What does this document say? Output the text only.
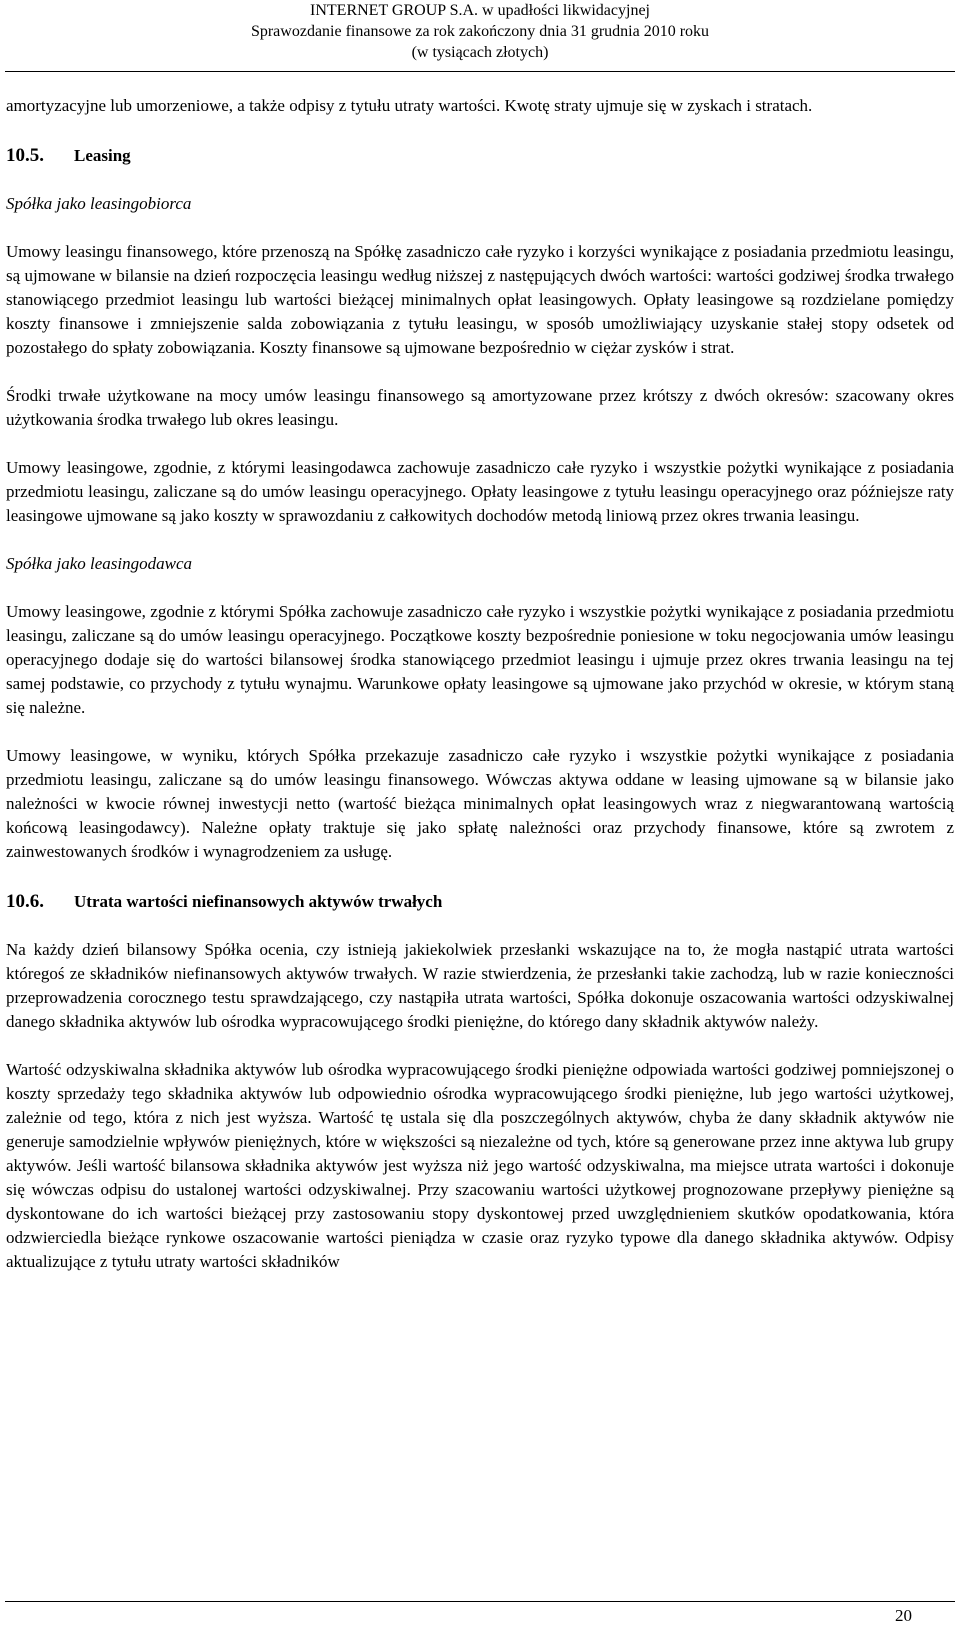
INTERNET GROUP S.A. w upadłości likwidacyjnej
Sprawozdanie finansowe za rok zakończony dnia 31 grudnia 2010 roku
(w tysiącach złotych)

amortyzacyjne lub umorzeniowe, a także odpisy z tytułu utraty wartości. Kwotę straty ujmuje się w zyskach i stratach.

10.5. Leasing
Spółka jako leasingobiorca

Umowy leasingu finansowego, które przenoszą na Spółkę zasadniczo całe ryzyko i korzyści wynikające z posiadania przedmiotu leasingu, są ujmowane w bilansie na dzień rozpoczęcia leasingu według niższej z następujących dwóch wartości: wartości godziwej środka trwałego stanowiącego przedmiot leasingu lub wartości bieżącej minimalnych opłat leasingowych. Opłaty leasingowe są rozdzielane pomiędzy koszty finansowe i zmniejszenie salda zobowiązania z tytułu leasingu, w sposób umożliwiający uzyskanie stałej stopy odsetek od pozostałego do spłaty zobowiązania. Koszty finansowe są ujmowane bezpośrednio w ciężar zysków i strat.

Środki trwałe użytkowane na mocy umów leasingu finansowego są amortyzowane przez krótszy z dwóch okresów: szacowany okres użytkowania środka trwałego lub okres leasingu.

Umowy leasingowe, zgodnie, z którymi leasingodawca zachowuje zasadniczo całe ryzyko i wszystkie pożytki wynikające z posiadania przedmiotu leasingu, zaliczane są do umów leasingu operacyjnego. Opłaty leasingowe z tytułu leasingu operacyjnego oraz późniejsze raty leasingowe ujmowane są jako koszty w sprawozdaniu z całkowitych dochodów metodą liniową przez okres trwania leasingu.

Spółka jako leasingodawca

Umowy leasingowe, zgodnie z którymi Spółka zachowuje zasadniczo całe ryzyko i wszystkie pożytki wynikające z posiadania przedmiotu leasingu, zaliczane są do umów leasingu operacyjnego. Początkowe koszty bezpośrednie poniesione w toku negocjowania umów leasingu operacyjnego dodaje się do wartości bilansowej środka stanowiącego przedmiot leasingu i ujmuje przez okres trwania leasingu na tej samej podstawie, co przychody z tytułu wynajmu. Warunkowe opłaty leasingowe są ujmowane jako przychód w okresie, w którym staną się należne.

Umowy leasingowe, w wyniku, których Spółka przekazuje zasadniczo całe ryzyko i wszystkie pożytki wynikające z posiadania przedmiotu leasingu, zaliczane są do umów leasingu finansowego. Wówczas aktywa oddane w leasing ujmowane są w bilansie jako należności w kwocie równej inwestycji netto (wartość bieżąca minimalnych opłat leasingowych wraz z niegwarantowaną wartością końcową leasingodawcy). Należne opłaty traktuje się jako spłatę należności oraz przychody finansowe, które są zwrotem z zainwestowanych środków i wynagrodzeniem za usługę.

10.6. Utrata wartości niefinansowych aktywów trwałych

Na każdy dzień bilansowy Spółka ocenia, czy istnieją jakiekolwiek przesłanki wskazujące na to, że mogła nastąpić utrata wartości któregoś ze składników niefinansowych aktywów trwałych. W razie stwierdzenia, że przesłanki takie zachodzą, lub w razie konieczności przeprowadzenia corocznego testu sprawdzającego, czy nastąpiła utrata wartości, Spółka dokonuje oszacowania wartości odzyskiwalnej danego składnika aktywów lub ośrodka wypracowującego środki pieniężne, do którego dany składnik aktywów należy.

Wartość odzyskiwalna składnika aktywów lub ośrodka wypracowującego środki pieniężne odpowiada wartości godziwej pomniejszonej o koszty sprzedaży tego składnika aktywów lub odpowiednio ośrodka wypracowującego środki pieniężne, lub jego wartości użytkowej, zależnie od tego, która z nich jest wyższa. Wartość tę ustala się dla poszczególnych aktywów, chyba że dany składnik aktywów nie generuje samodzielnie wpływów pieniężnych, które w większości są niezależne od tych, które są generowane przez inne aktywa lub grupy aktywów. Jeśli wartość bilansowa składnika aktywów jest wyższa niż jego wartość odzyskiwalna, ma miejsce utrata wartości i dokonuje się wówczas odpisu do ustalonej wartości odzyskiwalnej. Przy szacowaniu wartości użytkowej prognozowane przepływy pieniężne są dyskontowane do ich wartości bieżącej przy zastosowaniu stopy dyskontowej przed uwzględnieniem skutków opodatkowania, która odzwierciedla bieżące rynkowe oszacowanie wartości pieniądza w czasie oraz ryzyko typowe dla danego składnika aktywów. Odpisy aktualizujące z tytułu utraty wartości składników

20
